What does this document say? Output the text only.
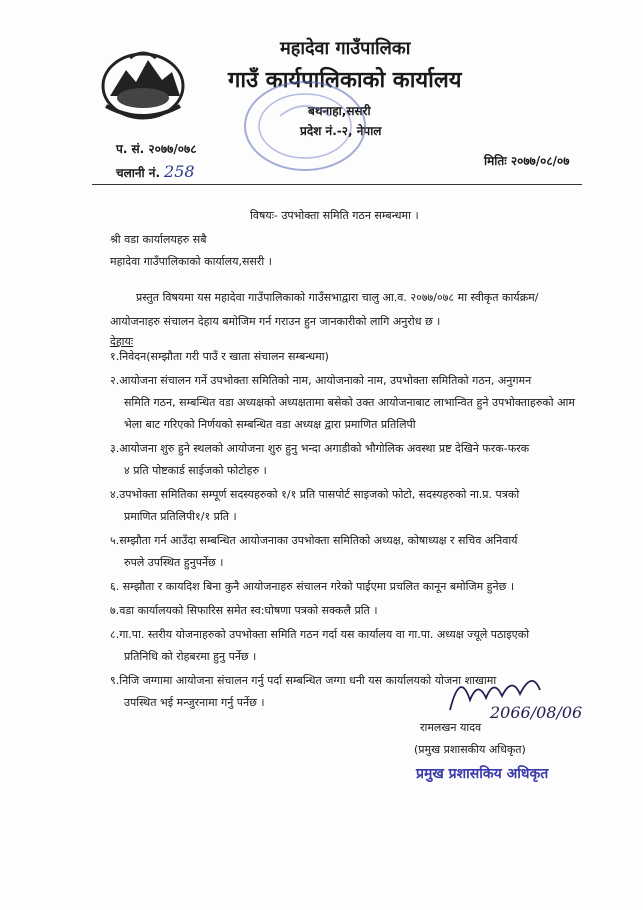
महादेवा गाउँपालिका
गाउँ कार्यपालिकाको कार्यालय
बथनाहा,ससरी
प्रदेश नं.-२, नेपाल
प. सं. २०७७/०७८
चलानी नं. 258
मितिः २०७७/०८/०७
विषयः- उपभोक्ता समिति गठन सम्बन्धमा ।
श्री वडा कार्यालयहरु सबै
महादेवा गाउँपालिकाको कार्यालय,ससरी ।

प्रस्तुत विषयमा यस महादेवा गाउँपालिकाको गाउँसभाद्वारा चालु आ.व. २०७७/०७८ मा स्वीकृत कार्यक्रम/आयोजनाहरु संचालन देहाय बमोजिम गर्न गराउन हुन जानकारीको लागि अनुरोध छ ।

देहायः
१.निवेदन(सम्झौता गरी पाउँ र खाता संचालन सम्बन्धमा)
२.आयोजना संचालन गर्ने उपभोक्ता समितिको नाम, आयोजनाको नाम, उपभोक्ता समितिको गठन, अनुगमन
समिति गठन, सम्बन्धित वडा अध्यक्षको अध्यक्षतामा बसेको उक्त आयोजनाबाट लाभान्वित हुने उपभोक्ताहरुको आम भेला बाट गरिएको निर्णयको सम्बन्धित वडा अध्यक्ष द्वारा प्रमाणित प्रतिलिपी
३.आयोजना शुरु हुने स्थलको आयोजना शुरु हुनु भन्दा अगाडीको भौगोलिक अवस्था प्रष्ट देखिने फरक-फरक
४ प्रति पोष्टकार्ड साईजको फोटोहरु ।
४.उपभोक्ता समितिका सम्पूर्ण सदस्यहरुको १/१ प्रति पासपोर्ट साइजको फोटो, सदस्यहरुको ना.प्र. पत्रको
प्रमाणित प्रतिलिपी१/१ प्रति ।
५.सम्झौता गर्न आउँदा सम्बन्धित आयोजनाका उपभोक्ता समितिको अध्यक्ष, कोषाध्यक्ष र सचिव अनिवार्य
रुपले उपस्थित हुनुपर्नेछ ।
६. सम्झौता र कायदिश बिना कुनै आयोजनाहरु संचालन गरेको पाईएमा प्रचलित कानून बमोजिम हुनेछ ।
७.वडा कार्यालयको सिफारिस समेत स्व:घोषणा पत्रको सक्कलै प्रति ।
८.गा.पा. स्तरीय योजनाहरुको उपभोक्ता समिति गठन गर्दा यस कार्यालय वा गा.पा. अध्यक्ष ज्यूले पठाइएको
प्रतिनिधि को रोहबरमा हुनु पर्नेछ ।
९.निजि जग्गामा आयोजना संचालन गर्नु पर्दा सम्बन्धित जग्गा धनी यस कार्यालयको योजना शाखामा
उपस्थित भई मन्जुरनामा गर्नु पर्नेछ ।
2066/08/06
रामलखन यादव
(प्रमुख प्रशासकीय अधिकृत)
प्रमुख प्रशासकिय अधिकृत
